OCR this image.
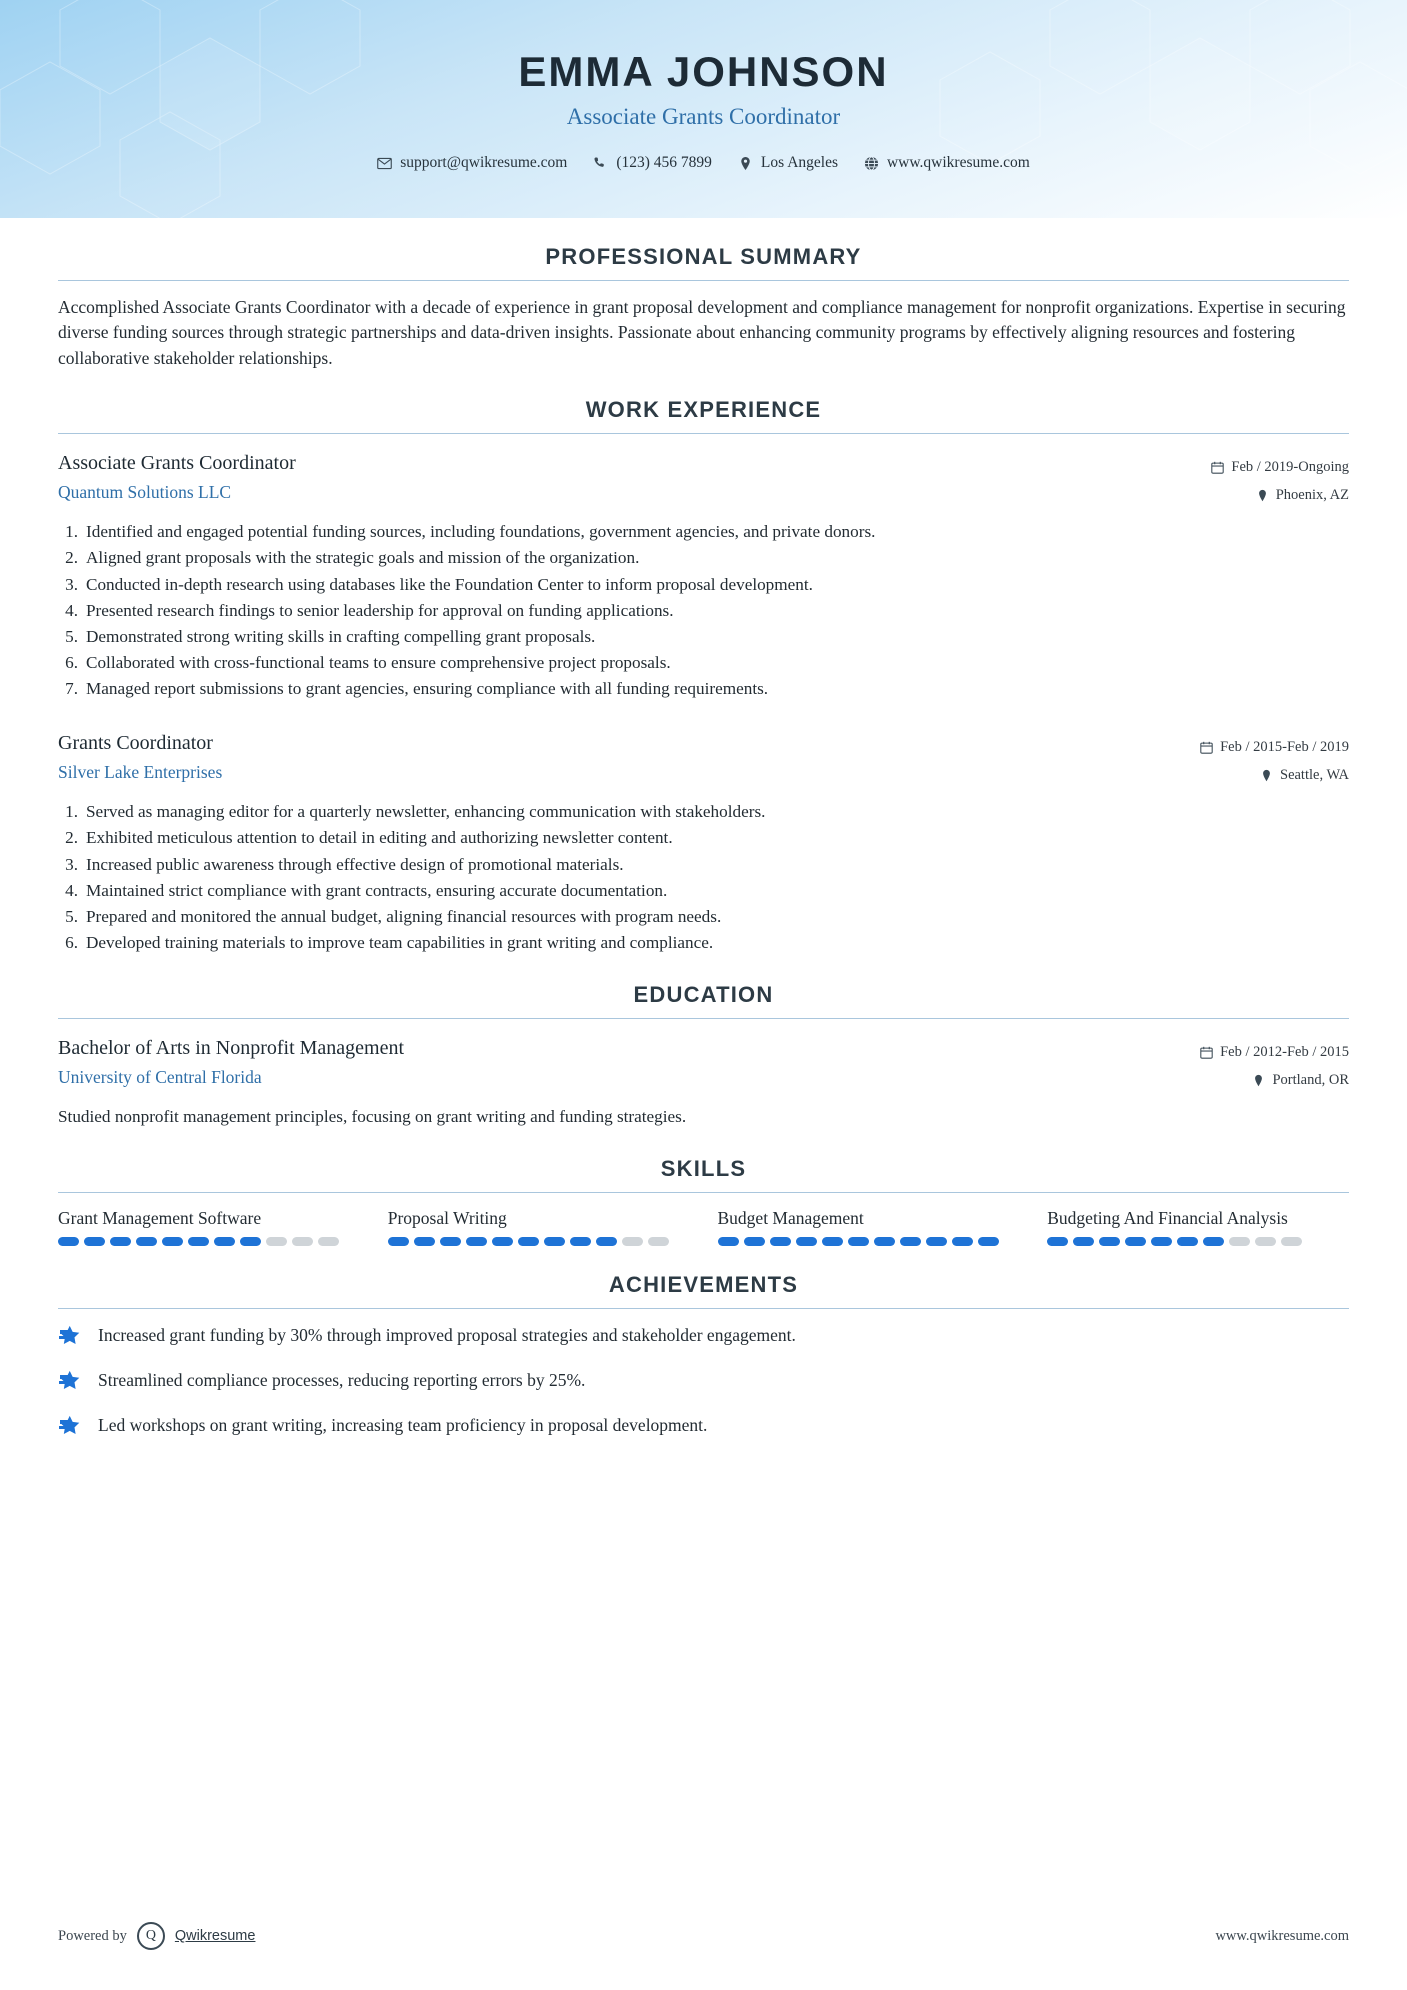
EMMA JOHNSON
Associate Grants Coordinator
support@qwikresume.com	(123) 456 7899	Los Angeles	www.qwikresume.com
PROFESSIONAL SUMMARY
Accomplished Associate Grants Coordinator with a decade of experience in grant proposal development and compliance management for nonprofit organizations. Expertise in securing diverse funding sources through strategic partnerships and data-driven insights. Passionate about enhancing community programs by effectively aligning resources and fostering collaborative stakeholder relationships.
WORK EXPERIENCE
Associate Grants Coordinator
Quantum Solutions LLC
Feb / 2019-Ongoing
Phoenix, AZ
1. Identified and engaged potential funding sources, including foundations, government agencies, and private donors.
2. Aligned grant proposals with the strategic goals and mission of the organization.
3. Conducted in-depth research using databases like the Foundation Center to inform proposal development.
4. Presented research findings to senior leadership for approval on funding applications.
5. Demonstrated strong writing skills in crafting compelling grant proposals.
6. Collaborated with cross-functional teams to ensure comprehensive project proposals.
7. Managed report submissions to grant agencies, ensuring compliance with all funding requirements.
Grants Coordinator
Silver Lake Enterprises
Feb / 2015-Feb / 2019
Seattle, WA
1. Served as managing editor for a quarterly newsletter, enhancing communication with stakeholders.
2. Exhibited meticulous attention to detail in editing and authorizing newsletter content.
3. Increased public awareness through effective design of promotional materials.
4. Maintained strict compliance with grant contracts, ensuring accurate documentation.
5. Prepared and monitored the annual budget, aligning financial resources with program needs.
6. Developed training materials to improve team capabilities in grant writing and compliance.
EDUCATION
Bachelor of Arts in Nonprofit Management
University of Central Florida
Feb / 2012-Feb / 2015
Portland, OR
Studied nonprofit management principles, focusing on grant writing and funding strategies.
SKILLS
Grant Management Software	Proposal Writing	Budget Management	Budgeting And Financial Analysis
ACHIEVEMENTS
Increased grant funding by 30% through improved proposal strategies and stakeholder engagement.
Streamlined compliance processes, reducing reporting errors by 25%.
Led workshops on grant writing, increasing team proficiency in proposal development.
Powered by	Q	Qwikresume	www.qwikresume.com
